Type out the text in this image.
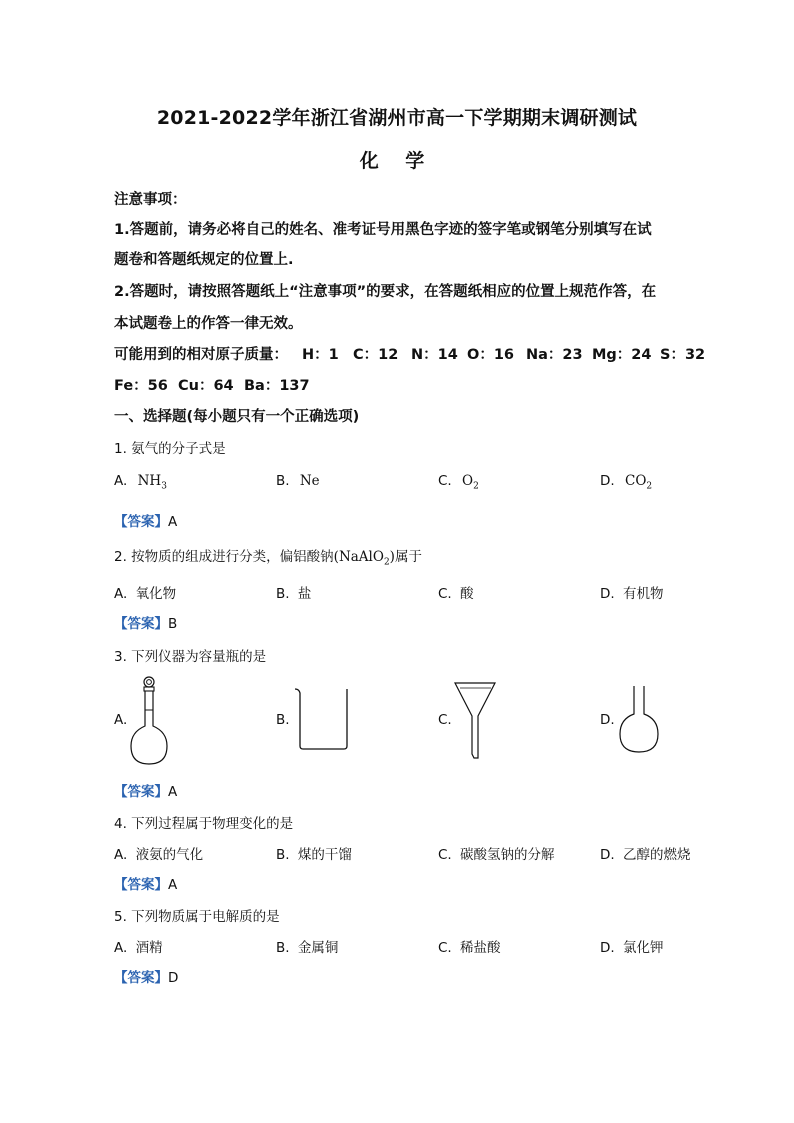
2021-2022学年浙江省湖州市高一下学期期末调研测试
化 学
注意事项：
1.答题前，请务必将自己的姓名、准考证号用黑色字迹的签字笔或钢笔分别填写在试
题卷和答题纸规定的位置上.
2.答题时，请按照答题纸上“注意事项”的要求，在答题纸相应的位置上规范作答，在
本试题卷上的作答一律无效。
可能用到的相对原子质量： H：1 C：12 N：14 O：16 Na：23 Mg：24 S：32
Fe：56 Cu：64 Ba：137
一、选择题(每小题只有一个正确选项)
1. 氨气的分子式是
A. $NH_3$	B. Ne	C. $O_2$	D. $CO_2$
【答案】A
2. 按物质的组成进行分类，偏铝酸钠(NaAlO$_2$)属于
A. 氧化物	B. 盐	C. 酸	D. 有机物
【答案】B
3. 下列仪器为容量瓶的是
A.	B.	C.	D.
【答案】A
4. 下列过程属于物理变化的是
A. 液氨的气化	B. 煤的干馏	C. 碳酸氢钠的分解	D. 乙醇的燃烧
【答案】A
5. 下列物质属于电解质的是
A. 酒精	B. 金属铜	C. 稀盐酸	D. 氯化钾
【答案】D
